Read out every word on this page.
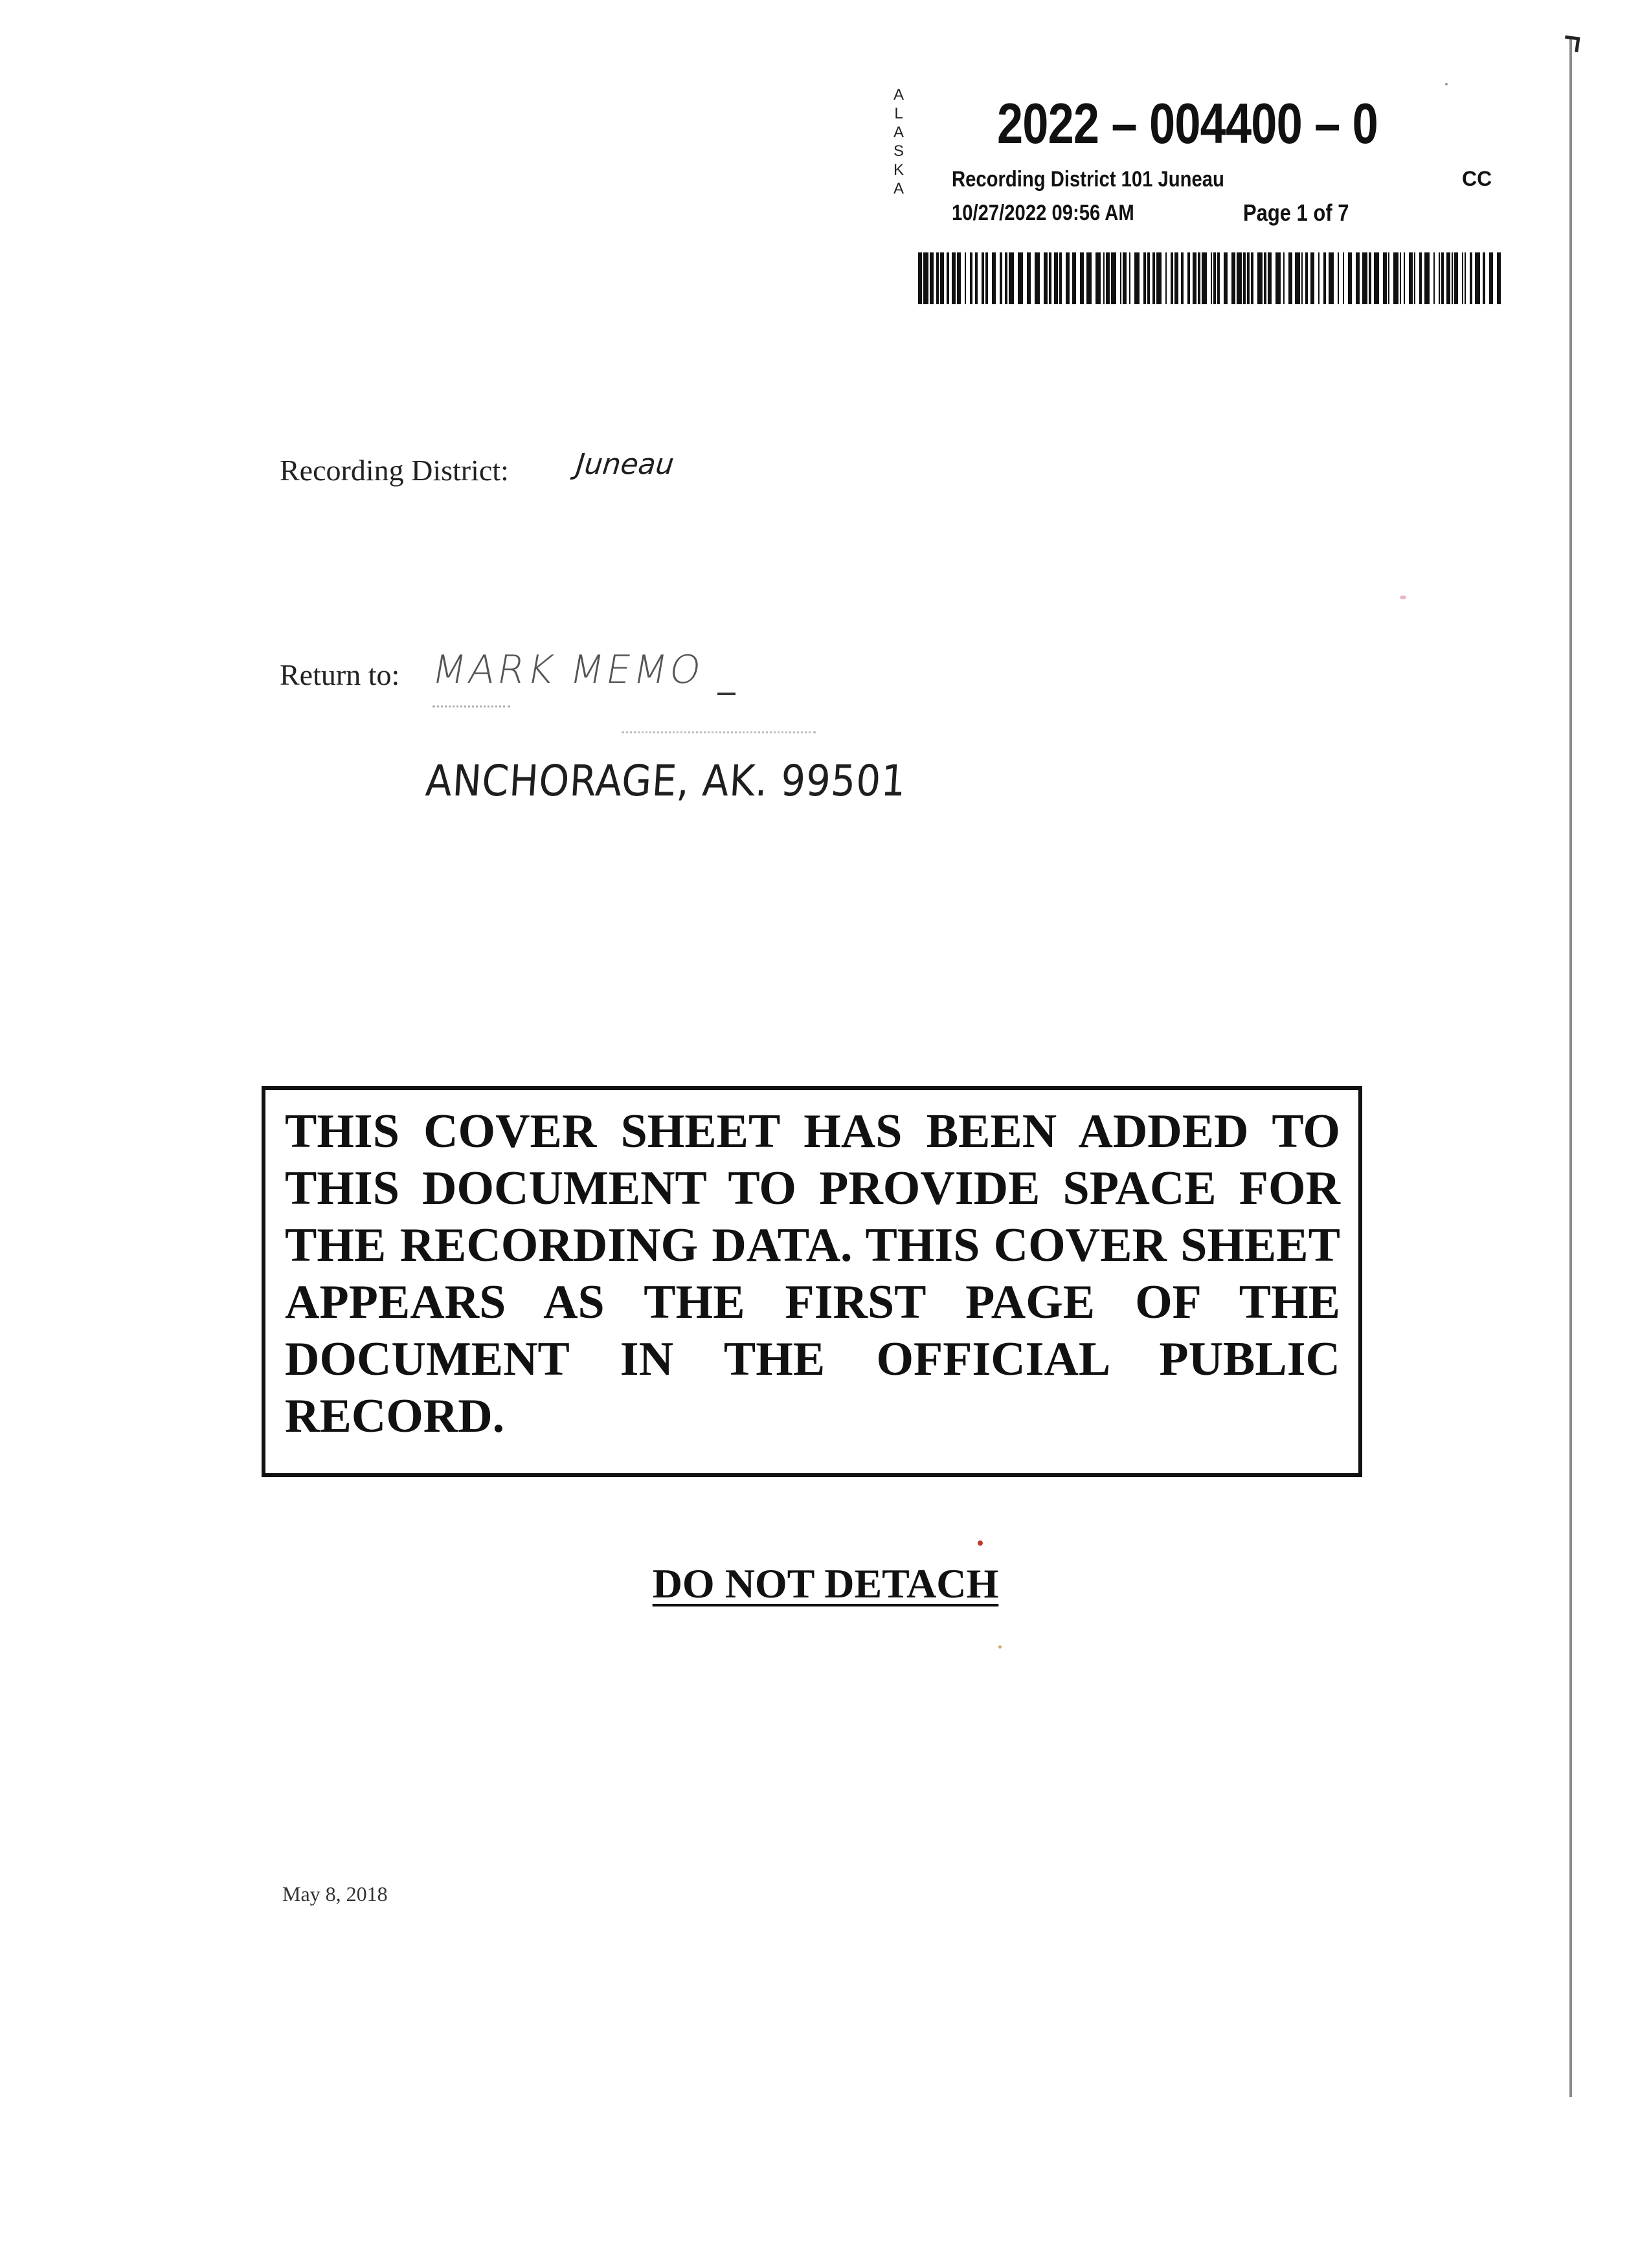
A
L
A
S
K
A
2022 – 004400 – 0
Recording District 101 Juneau	CC
10/27/2022 09:56 AM	Page 1 of 7
Recording District: Juneau
Return to: MARK MEMO
ANCHORAGE, AK. 99501

THIS COVER SHEET HAS BEEN ADDED TO THIS DOCUMENT TO PROVIDE SPACE FOR THE RECORDING DATA. THIS COVER SHEET APPEARS AS THE FIRST PAGE OF THE DOCUMENT IN THE OFFICIAL PUBLIC RECORD.

DO NOT DETACH
May 8, 2018
